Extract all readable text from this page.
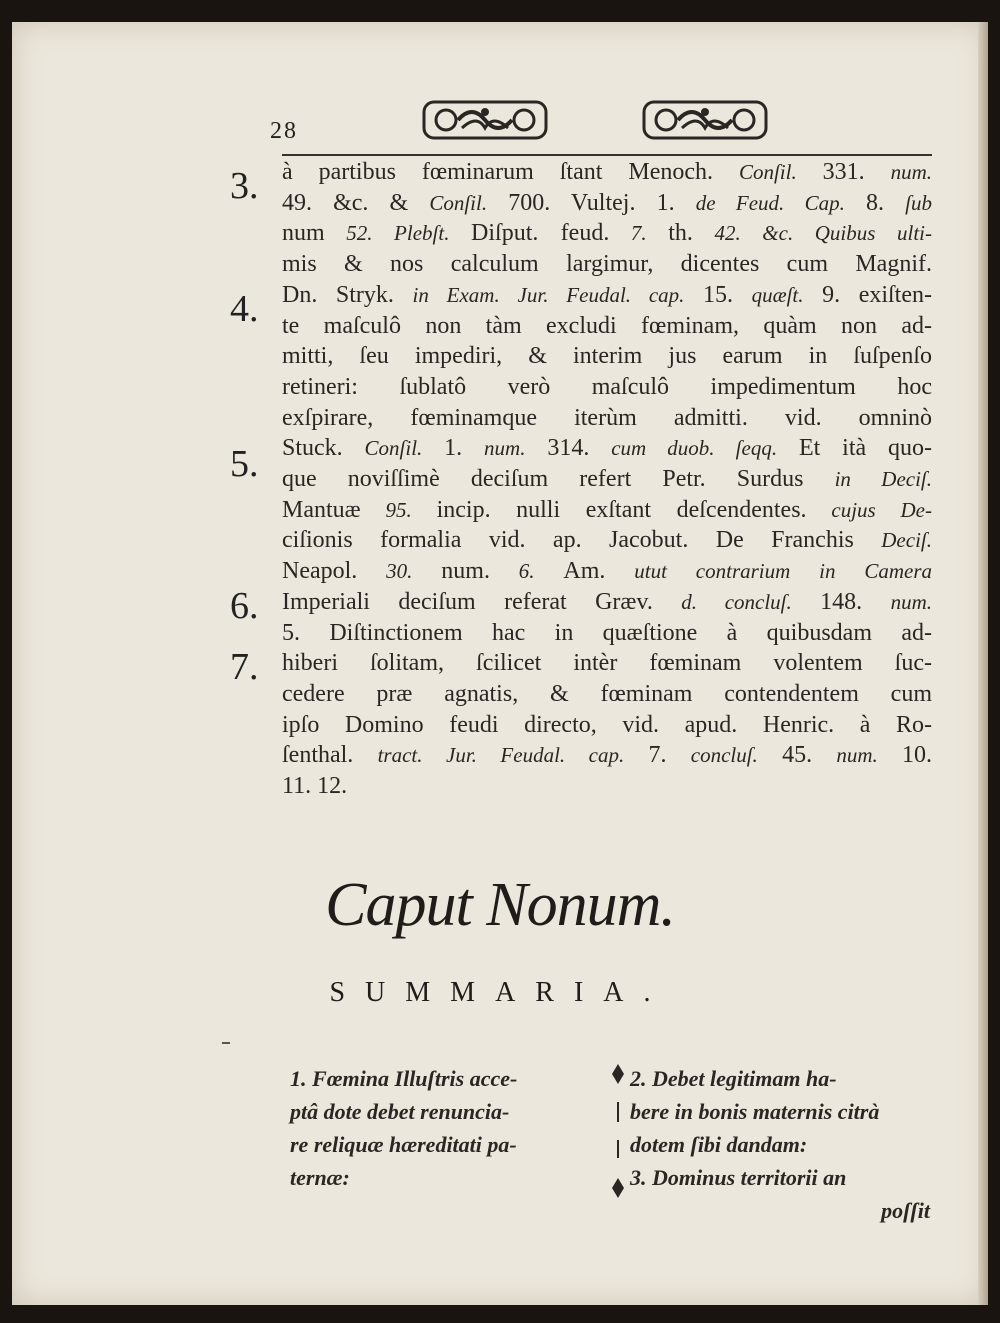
28
3.
4.
5.
6.
7.
à partibus fœminarum ſtant Menoch. Conſil. 331. num.
49. &c. & Conſil. 700. Vultej. 1. de Feud. Cap. 8. ſub
num 52. Plebſt. Diſput. feud. 7. th. 42. &c. Quibus ulti-
mis & nos calculum largimur, dicentes cum Magnif.
Dn. Stryk. in Exam. Jur. Feudal. cap. 15. quæſt. 9. exiſten-
te maſculô non tàm excludi fœminam, quàm non ad-
mitti, ſeu impediri, & interim jus earum in ſuſpenſo
retineri: ſublatô verò maſculô impedimentum hoc
exſpirare, fœminamque iterùm admitti. vid. omninò
Stuck. Conſil. 1. num. 314. cum duob. ſeqq. Et ità quo-
que noviſſimè deciſum refert Petr. Surdus in Deciſ.
Mantuæ 95. incip. nulli exſtant deſcendentes. cujus De-
ciſionis formalia vid. ap. Jacobut. De Franchis Deciſ.
Neapol. 30. num. 6. Am. utut contrarium in Camera
Imperiali deciſum referat Græv. d. concluſ. 148. num.
5. Diſtinctionem hac in quæſtione à quibusdam ad-
hiberi ſolitam, ſcilicet intèr fœminam volentem ſuc-
cedere præ agnatis, & fœminam contendentem cum
ipſo Domino feudi directo, vid. apud. Henric. à Ro-
ſenthal. tract. Jur. Feudal. cap. 7. concluſ. 45. num. 10.
11. 12.
Caput Nonum.
SUMMARIA.
1. Fœmina Illuſtris acce-
ptâ dote debet renuncia-
re reliquæ hæreditati pa-
ternæ:
2. Debet legitimam ha-
bere in bonis maternis citrà
dotem ſibi dandam:
3. Dominus territorii an
poſſit
